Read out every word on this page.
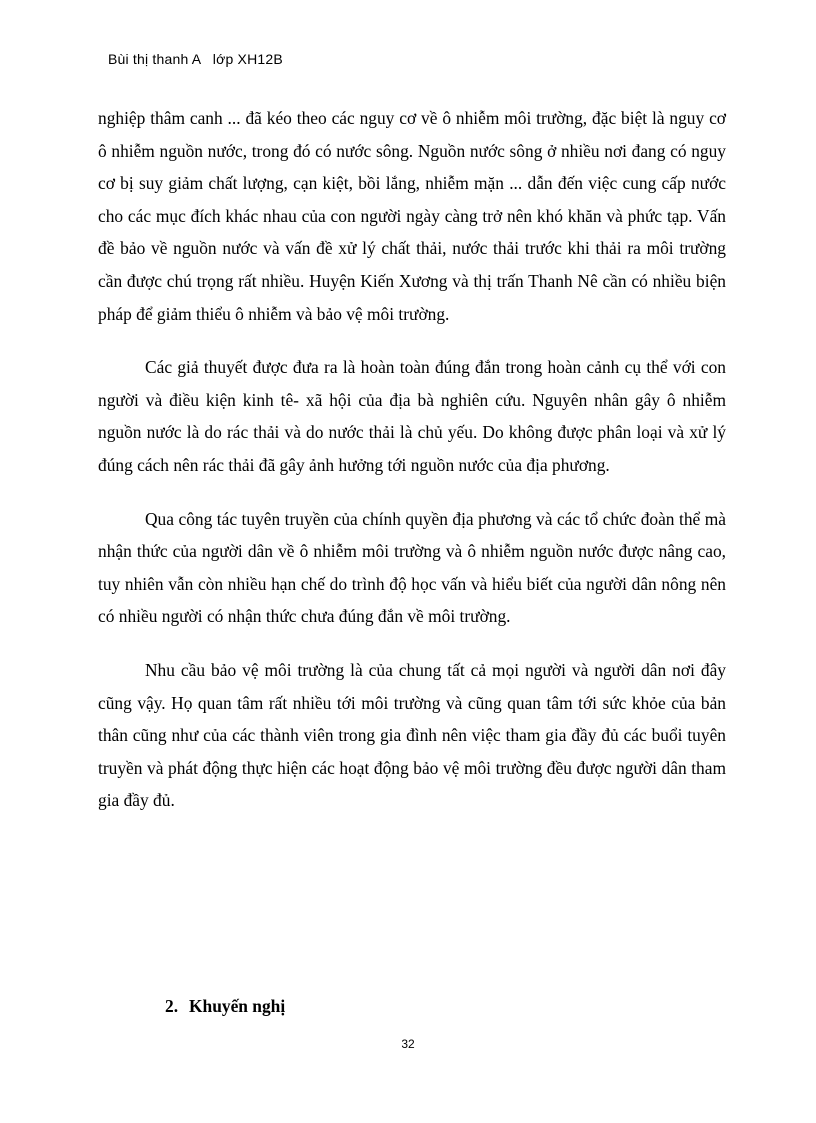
Bùi thị thanh A   lớp XH12B

nghiệp thâm canh ... đã kéo theo các nguy cơ về ô nhiễm môi trường, đặc biệt là nguy cơ ô nhiễm nguồn nước, trong đó có nước sông. Nguồn nước sông ở nhiều nơi đang có nguy cơ bị suy giảm chất lượng, cạn kiệt, bồi lắng, nhiễm mặn ... dẫn đến việc cung cấp nước cho các mục đích khác nhau của con người ngày càng trở nên khó khăn và phức tạp. Vấn đề bảo về nguồn nước và vấn đề xử lý chất thải, nước thải trước khi thải ra môi trường cần được chú trọng rất nhiều. Huyện Kiến Xương và thị trấn Thanh Nê cần có nhiều biện pháp để giảm thiểu ô nhiễm và bảo vệ môi trường.

Các giả thuyết được đưa ra là hoàn toàn đúng đắn trong hoàn cảnh cụ thể với con người và điều kiện kinh tê- xã hội của địa bà nghiên cứu. Nguyên nhân gây ô nhiễm nguồn nước là do rác thải và do nước thải là chủ yếu. Do không được phân loại và xử lý đúng cách nên rác thải đã gây ảnh hưởng tới nguồn nước của địa phương.

Qua công tác tuyên truyền của chính quyền địa phương và các tổ chức đoàn thể mà nhận thức của người dân về ô nhiễm môi trường và ô nhiễm nguồn nước được nâng cao, tuy nhiên vẫn còn nhiều hạn chế do trình độ học vấn và hiểu biết của người dân nông nên có nhiều người có nhận thức chưa đúng đắn về môi trường.

Nhu cầu bảo vệ môi trường là của chung tất cả mọi người và người dân nơi đây cũng vậy. Họ quan tâm rất nhiều tới môi trường và cũng quan tâm tới sức khỏe của bản thân cũng như của các thành viên trong gia đình nên việc tham gia đầy đủ các buổi tuyên truyền và phát động thực hiện các hoạt động bảo vệ môi trường đều được người dân tham gia đầy đủ.

2. Khuyến nghị
32
